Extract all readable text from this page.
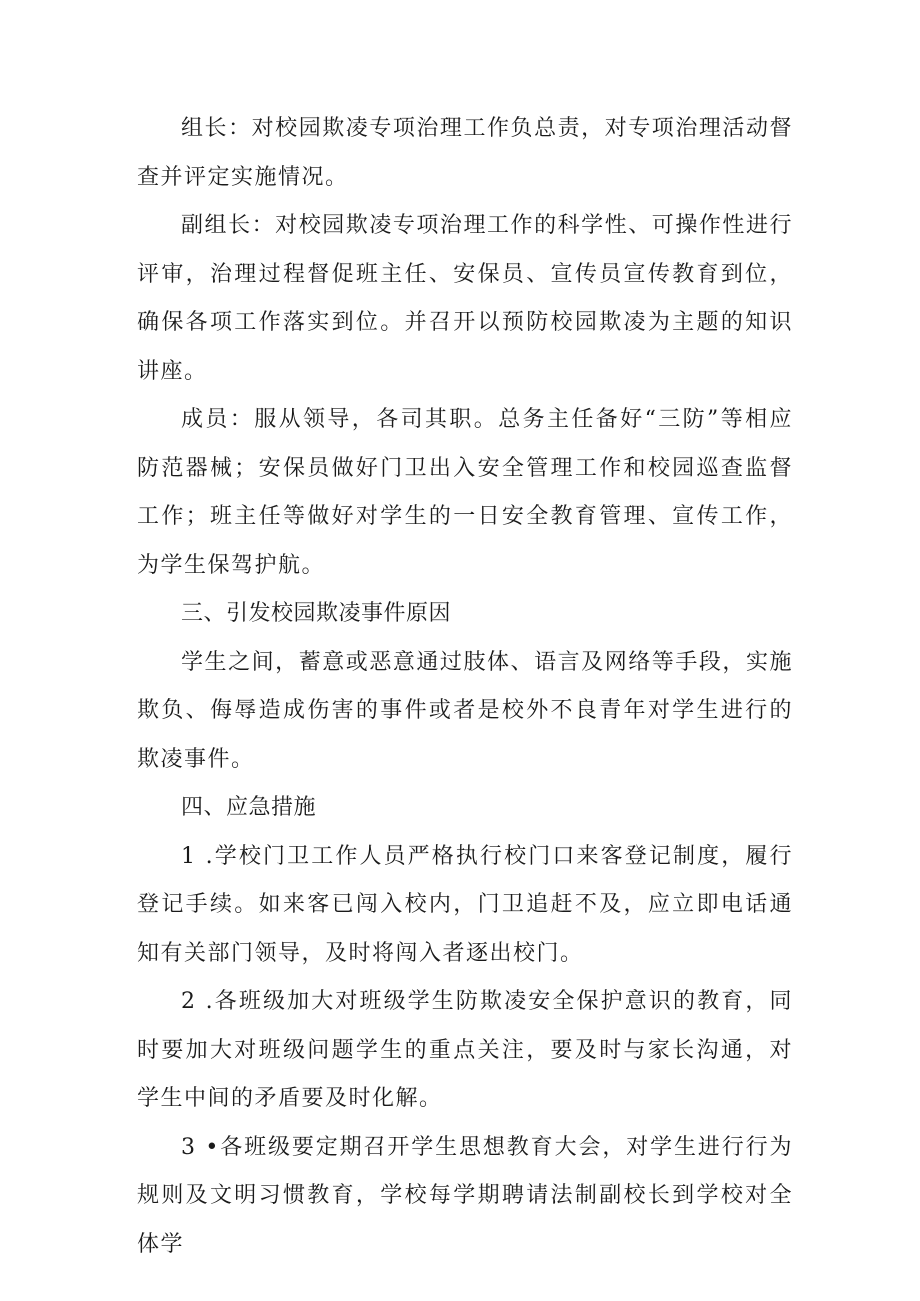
组长：对校园欺凌专项治理工作负总责，对专项治理活动督查并评定实施情况。

副组长：对校园欺凌专项治理工作的科学性、可操作性进行评审，治理过程督促班主任、安保员、宣传员宣传教育到位，确保各项工作落实到位。并召开以预防校园欺凌为主题的知识讲座。

成员：服从领导，各司其职。总务主任备好“三防”等相应防范器械；安保员做好门卫出入安全管理工作和校园巡查监督工作；班主任等做好对学生的一日安全教育管理、宣传工作，为学生保驾护航。

三、引发校园欺凌事件原因

学生之间，蓄意或恶意通过肢体、语言及网络等手段，实施欺负、侮辱造成伤害的事件或者是校外不良青年对学生进行的欺凌事件。

四、应急措施

1 .学校门卫工作人员严格执行校门口来客登记制度，履行登记手续。如来客已闯入校内，门卫追赶不及，应立即电话通知有关部门领导，及时将闯入者逐出校门。

2 .各班级加大对班级学生防欺凌安全保护意识的教育，同时要加大对班级问题学生的重点关注，要及时与家长沟通，对学生中间的矛盾要及时化解。

3 •各班级要定期召开学生思想教育大会，对学生进行行为规则及文明习惯教育，学校每学期聘请法制副校长到学校对全体学
